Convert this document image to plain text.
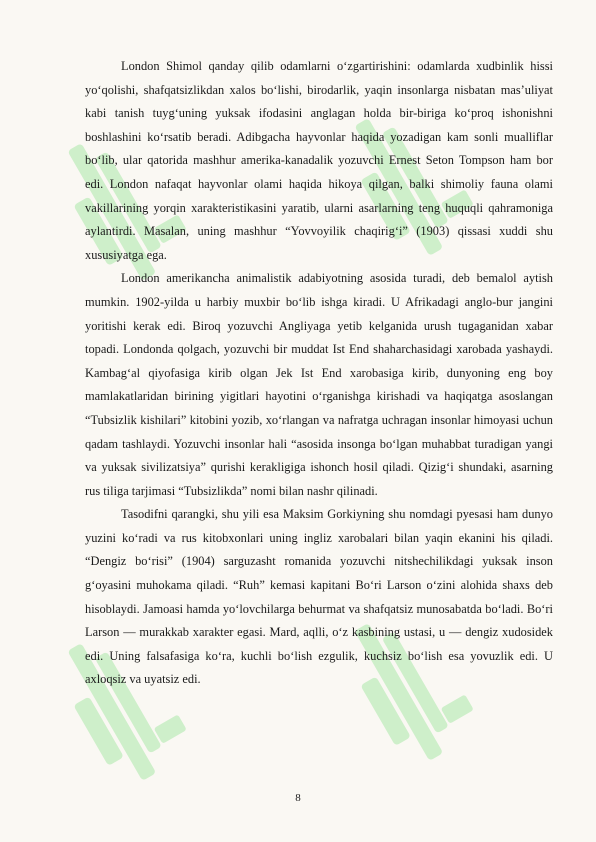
London Shimol qanday qilib odamlarni o‘zgartirishini: odamlarda xudbinlik hissi yo‘qolishi, shafqatsizlikdan xalos bo‘lishi, birodarlik, yaqin insonlarga nisbatan mas’uliyat kabi tanish tuyg‘uning yuksak ifodasini anglagan holda bir-biriga ko‘proq ishonishni boshlashini ko‘rsatib beradi. Adibgacha hayvonlar haqida yozadigan kam sonli mualliflar bo‘lib, ular qatorida mashhur amerika-kanadalik yozuvchi Ernest Seton Tompson ham bor edi. London nafaqat hayvonlar olami haqida hikoya qilgan, balki shimoliy fauna olami vakillarining yorqin xarakteristikasini yaratib, ularni asarlarning teng huquqli qahramoniga aylantirdi. Masalan, uning mashhur “Yovvoyilik chaqirig‘i” (1903) qissasi xuddi shu xususiyatga ega.

London amerikancha animalistik adabiyotning asosida turadi, deb bemalol aytish mumkin. 1902-yilda u harbiy muxbir bo‘lib ishga kiradi. U Afrikadagi anglo-bur jangini yoritishi kerak edi. Biroq yozuvchi Angliyaga yetib kelganida urush tugaganidan xabar topadi. Londonda qolgach, yozuvchi bir muddat Ist End shaharchasidagi xarobada yashaydi. Kambag‘al qiyofasiga kirib olgan Jek Ist End xarobasiga kirib, dunyoning eng boy mamlakatlaridan birining yigitlari hayotini o‘rganishga kirishadi va haqiqatga asoslangan “Tubsizlik kishilari” kitobini yozib, xo‘rlangan va nafratga uchragan insonlar himoyasi uchun qadam tashlaydi. Yozuvchi insonlar hali “asosida insonga bo‘lgan muhabbat turadigan yangi va yuksak sivilizatsiya” qurishi kerakligiga ishonch hosil qiladi. Qizig‘i shundaki, asarning rus tiliga tarjimasi “Tubsizlikda” nomi bilan nashr qilinadi.

Tasodifni qarangki, shu yili esa Maksim Gorkiyning shu nomdagi pyesasi ham dunyo yuzini ko‘radi va rus kitobxonlari uning ingliz xarobalari bilan yaqin ekanini his qiladi. “Dengiz bo‘risi” (1904) sarguzasht romanida yozuvchi nitshechilikdagi yuksak inson g‘oyasini muhokama qiladi. “Ruh” kemasi kapitani Bo‘ri Larson o‘zini alohida shaxs deb hisoblaydi. Jamoasi hamda yo‘lovchilarga behurmat va shafqatsiz munosabatda bo‘ladi. Bo‘ri Larson — murakkab xarakter egasi. Mard, aqlli, o‘z kasbining ustasi, u — dengiz xudosidek edi. Uning falsafasiga ko‘ra, kuchli bo‘lish ezgulik, kuchsiz bo‘lish esa yovuzlik edi. U axloqsiz va uyatsiz edi.

8
